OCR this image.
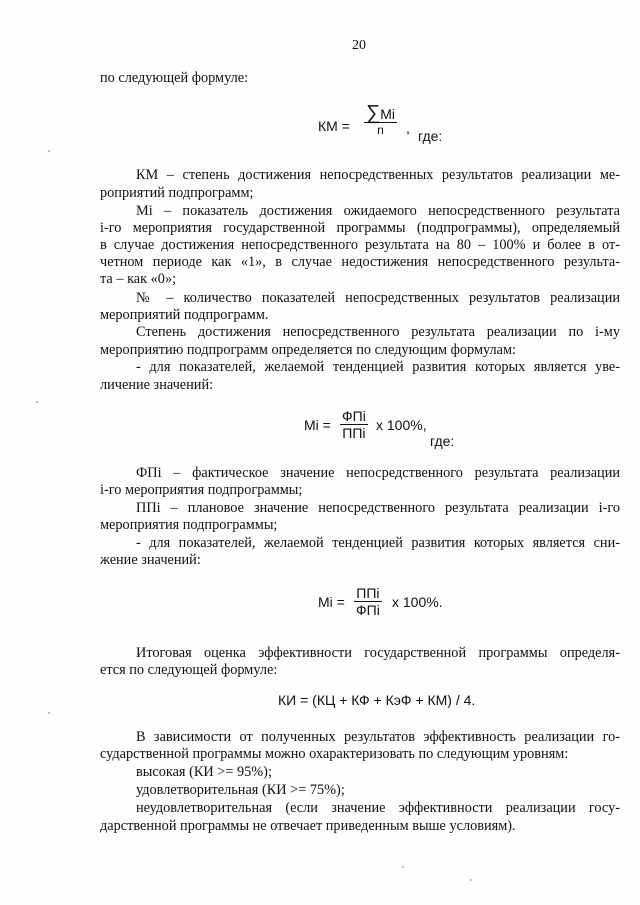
20
по следующей формуле:
КМ = $\frac{\sum Mi}{n}$ , где:
КМ – степень достижения непосредственных результатов реализации ме-
роприятий подпрограмм;
Mi – показатель достижения ожидаемого непосредственного результата
i-го мероприятия государственной программы (подпрограммы), определяемый
в случае достижения непосредственного результата на 80 – 100% и более в от-
четном периоде как «1», в случае недостижения непосредственного результа-
та – как «0»;
№ – количество показателей непосредственных результатов реализации
мероприятий подпрограмм.
Степень достижения непосредственного результата реализации по i-му
мероприятию подпрограмм определяется по следующим формулам:
- для показателей, желаемой тенденцией развития которых является уве-
личение значений:
Mi =
ФПi
ППi х 100%,
где:
ФПi – фактическое значение непосредственного результата реализации
i-го мероприятия подпрограммы;
ППi – плановое значение непосредственного результата реализации i-го
мероприятия подпрограммы;
- для показателей, желаемой тенденцией развития которых является сни-
жение значений:
Mi =
ППi
ФПi х 100%.
Итоговая оценка эффективности государственной программы определя-
ется по следующей формуле:
КИ = (КЦ + КФ + КэФ + КМ) / 4.
В зависимости от полученных результатов эффективность реализации го-
сударственной программы можно охарактеризовать по следующим уровням:
высокая (КИ >= 95%);
удовлетворительная (КИ >= 75%);
неудовлетворительная (если значение эффективности реализации госу-
дарственной программы не отвечает приведенным выше условиям).
